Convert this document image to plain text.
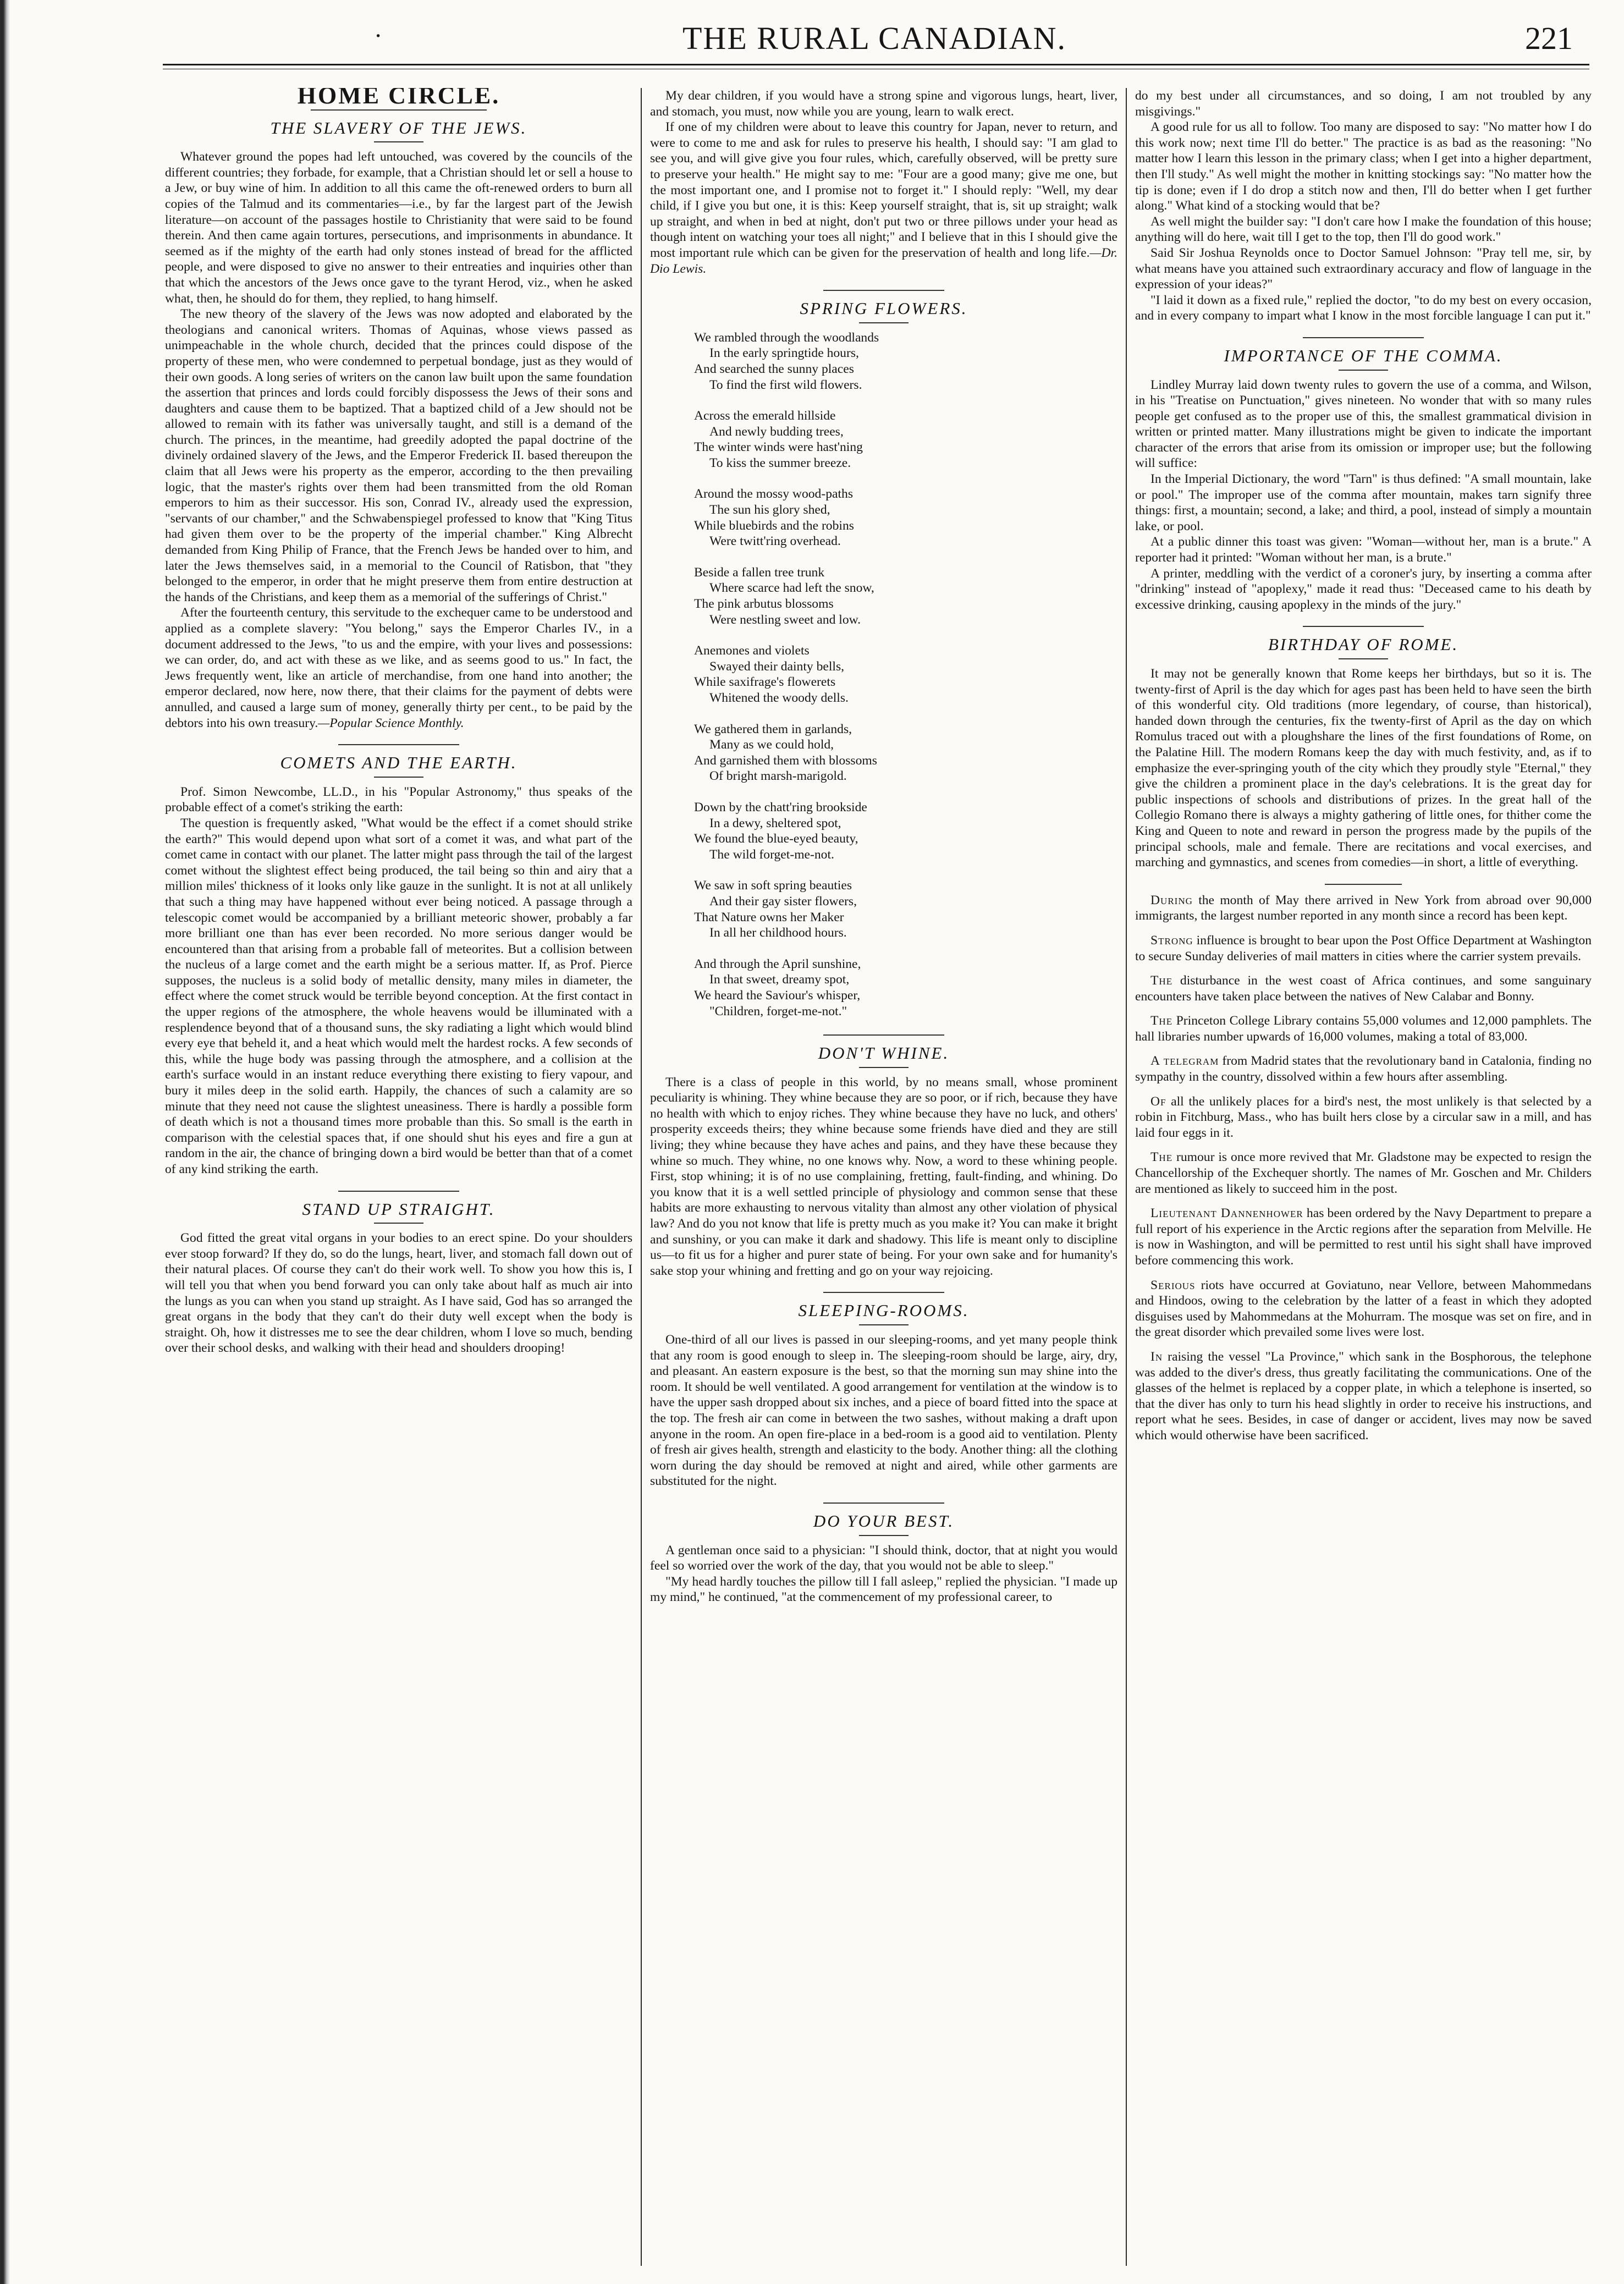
·	THE RURAL CANADIAN.	221
HOME CIRCLE.
THE SLAVERY OF THE JEWS.

Whatever ground the popes had left untouched, was covered by the councils of the different countries; they forbade, for example, that a Christian should let or sell a house to a Jew, or buy wine of him. In addition to all this came the oft-renewed orders to burn all copies of the Talmud and its commentaries—i.e., by far the largest part of the Jewish literature—on account of the passages hostile to Christianity that were said to be found therein. And then came again tortures, persecutions, and imprisonments in abundance. It seemed as if the mighty of the earth had only stones instead of bread for the afflicted people, and were disposed to give no answer to their entreaties and inquiries other than that which the ancestors of the Jews once gave to the tyrant Herod, viz., when he asked what, then, he should do for them, they replied, to hang himself.

The new theory of the slavery of the Jews was now adopted and elaborated by the theologians and canonical writers. Thomas of Aquinas, whose views passed as unimpeachable in the whole church, decided that the princes could dispose of the property of these men, who were condemned to perpetual bondage, just as they would of their own goods. A long series of writers on the canon law built upon the same foundation the assertion that princes and lords could forcibly dispossess the Jews of their sons and daughters and cause them to be baptized. That a baptized child of a Jew should not be allowed to remain with its father was universally taught, and still is a demand of the church. The princes, in the meantime, had greedily adopted the papal doctrine of the divinely ordained slavery of the Jews, and the Emperor Frederick II. based thereupon the claim that all Jews were his property as the emperor, according to the then prevailing logic, that the master's rights over them had been transmitted from the old Roman emperors to him as their successor. His son, Conrad IV., already used the expression, "servants of our chamber," and the Schwabenspiegel professed to know that "King Titus had given them over to be the property of the imperial chamber." King Albrecht demanded from King Philip of France, that the French Jews be handed over to him, and later the Jews themselves said, in a memorial to the Council of Ratisbon, that "they belonged to the emperor, in order that he might preserve them from entire destruction at the hands of the Christians, and keep them as a memorial of the sufferings of Christ."

After the fourteenth century, this servitude to the exchequer came to be understood and applied as a complete slavery: "You belong," says the Emperor Charles IV., in a document addressed to the Jews, "to us and the empire, with your lives and possessions: we can order, do, and act with these as we like, and as seems good to us." In fact, the Jews frequently went, like an article of merchandise, from one hand into another; the emperor declared, now here, now there, that their claims for the payment of debts were annulled, and caused a large sum of money, generally thirty per cent., to be paid by the debtors into his own treasury.—Popular Science Monthly.

COMETS AND THE EARTH.

Prof. Simon Newcombe, LL.D., in his "Popular Astronomy," thus speaks of the probable effect of a comet's striking the earth:

The question is frequently asked, "What would be the effect if a comet should strike the earth?" This would depend upon what sort of a comet it was, and what part of the comet came in contact with our planet. The latter might pass through the tail of the largest comet without the slightest effect being produced, the tail being so thin and airy that a million miles' thickness of it looks only like gauze in the sunlight. It is not at all unlikely that such a thing may have happened without ever being noticed. A passage through a telescopic comet would be accompanied by a brilliant meteoric shower, probably a far more brilliant one than has ever been recorded. No more serious danger would be encountered than that arising from a probable fall of meteorites. But a collision between the nucleus of a large comet and the earth might be a serious matter. If, as Prof. Pierce supposes, the nucleus is a solid body of metallic density, many miles in diameter, the effect where the comet struck would be terrible beyond conception. At the first contact in the upper regions of the atmosphere, the whole heavens would be illuminated with a resplendence beyond that of a thousand suns, the sky radiating a light which would blind every eye that beheld it, and a heat which would melt the hardest rocks. A few seconds of this, while the huge body was passing through the atmosphere, and a collision at the earth's surface would in an instant reduce everything there existing to fiery vapour, and bury it miles deep in the solid earth. Happily, the chances of such a calamity are so minute that they need not cause the slightest uneasiness. There is hardly a possible form of death which is not a thousand times more probable than this. So small is the earth in comparison with the celestial spaces that, if one should shut his eyes and fire a gun at random in the air, the chance of bringing down a bird would be better than that of a comet of any kind striking the earth.

STAND UP STRAIGHT.

God fitted the great vital organs in your bodies to an erect spine. Do your shoulders ever stoop forward? If they do, so do the lungs, heart, liver, and stomach fall down out of their natural places. Of course they can't do their work well. To show you how this is, I will tell you that when you bend forward you can only take about half as much air into the lungs as you can when you stand up straight. As I have said, God has so arranged the great organs in the body that they can't do their duty well except when the body is straight. Oh, how it distresses me to see the dear children, whom I love so much, bending over their school desks, and walking with their head and shoulders drooping!

My dear children, if you would have a strong spine and vigorous lungs, heart, liver, and stomach, you must, now while you are young, learn to walk erect.

If one of my children were about to leave this country for Japan, never to return, and were to come to me and ask for rules to preserve his health, I should say: "I am glad to see you, and will give give you four rules, which, carefully observed, will be pretty sure to preserve your health." He might say to me: "Four are a good many; give me one, but the most important one, and I promise not to forget it." I should reply: "Well, my dear child, if I give you but one, it is this: Keep yourself straight, that is, sit up straight; walk up straight, and when in bed at night, don't put two or three pillows under your head as though intent on watching your toes all night;" and I believe that in this I should give the most important rule which can be given for the preservation of health and long life.—Dr. Dio Lewis.

SPRING FLOWERS.
We rambled through the woodlands
In the early springtide hours,
And searched the sunny places
To find the first wild flowers.
Across the emerald hillside
And newly budding trees,
The winter winds were hast'ning
To kiss the summer breeze.
Around the mossy wood-paths
The sun his glory shed,
While bluebirds and the robins
Were twitt'ring overhead.
Beside a fallen tree trunk
Where scarce had left the snow,
The pink arbutus blossoms
Were nestling sweet and low.
Anemones and violets
Swayed their dainty bells,
While saxifrage's flowerets
Whitened the woody dells.
We gathered them in garlands,
Many as we could hold,
And garnished them with blossoms
Of bright marsh-marigold.
Down by the chatt'ring brookside
In a dewy, sheltered spot,
We found the blue-eyed beauty,
The wild forget-me-not.
We saw in soft spring beauties
And their gay sister flowers,
That Nature owns her Maker
In all her childhood hours.
And through the April sunshine,
In that sweet, dreamy spot,
We heard the Saviour's whisper,
"Children, forget-me-not."
DON'T WHINE.

There is a class of people in this world, by no means small, whose prominent peculiarity is whining. They whine because they are so poor, or if rich, because they have no health with which to enjoy riches. They whine because they have no luck, and others' prosperity exceeds theirs; they whine because some friends have died and they are still living; they whine because they have aches and pains, and they have these because they whine so much. They whine, no one knows why. Now, a word to these whining people. First, stop whining; it is of no use complaining, fretting, fault-finding, and whining. Do you know that it is a well settled principle of physiology and common sense that these habits are more exhausting to nervous vitality than almost any other violation of physical law? And do you not know that life is pretty much as you make it? You can make it bright and sunshiny, or you can make it dark and shadowy. This life is meant only to discipline us—to fit us for a higher and purer state of being. For your own sake and for humanity's sake stop your whining and fretting and go on your way rejoicing.

SLEEPING-ROOMS.

One-third of all our lives is passed in our sleeping-rooms, and yet many people think that any room is good enough to sleep in. The sleeping-room should be large, airy, dry, and pleasant. An eastern exposure is the best, so that the morning sun may shine into the room. It should be well ventilated. A good arrangement for ventilation at the window is to have the upper sash dropped about six inches, and a piece of board fitted into the space at the top. The fresh air can come in between the two sashes, without making a draft upon anyone in the room. An open fire-place in a bed-room is a good aid to ventilation. Plenty of fresh air gives health, strength and elasticity to the body. Another thing: all the clothing worn during the day should be removed at night and aired, while other garments are substituted for the night.

DO YOUR BEST.

A gentleman once said to a physician: "I should think, doctor, that at night you would feel so worried over the work of the day, that you would not be able to sleep."

"My head hardly touches the pillow till I fall asleep," replied the physician. "I made up my mind," he continued, "at the commencement of my professional career, to

do my best under all circumstances, and so doing, I am not troubled by any misgivings."

A good rule for us all to follow. Too many are disposed to say: "No matter how I do this work now; next time I'll do better." The practice is as bad as the reasoning: "No matter how I learn this lesson in the primary class; when I get into a higher department, then I'll study." As well might the mother in knitting stockings say: "No matter how the tip is done; even if I do drop a stitch now and then, I'll do better when I get further along." What kind of a stocking would that be?

As well might the builder say: "I don't care how I make the foundation of this house; anything will do here, wait till I get to the top, then I'll do good work."

Said Sir Joshua Reynolds once to Doctor Samuel Johnson: "Pray tell me, sir, by what means have you attained such extraordinary accuracy and flow of language in the expression of your ideas?"

"I laid it down as a fixed rule," replied the doctor, "to do my best on every occasion, and in every company to impart what I know in the most forcible language I can put it."

IMPORTANCE OF THE COMMA.

Lindley Murray laid down twenty rules to govern the use of a comma, and Wilson, in his "Treatise on Punctuation," gives nineteen. No wonder that with so many rules people get confused as to the proper use of this, the smallest grammatical division in written or printed matter. Many illustrations might be given to indicate the important character of the errors that arise from its omission or improper use; but the following will suffice:

In the Imperial Dictionary, the word "Tarn" is thus defined: "A small mountain, lake or pool." The improper use of the comma after mountain, makes tarn signify three things: first, a mountain; second, a lake; and third, a pool, instead of simply a mountain lake, or pool.

At a public dinner this toast was given: "Woman—without her, man is a brute." A reporter had it printed: "Woman without her man, is a brute."

A printer, meddling with the verdict of a coroner's jury, by inserting a comma after "drinking" instead of "apoplexy," made it read thus: "Deceased came to his death by excessive drinking, causing apoplexy in the minds of the jury."

BIRTHDAY OF ROME.

It may not be generally known that Rome keeps her birthdays, but so it is. The twenty-first of April is the day which for ages past has been held to have seen the birth of this wonderful city. Old traditions (more legendary, of course, than historical), handed down through the centuries, fix the twenty-first of April as the day on which Romulus traced out with a ploughshare the lines of the first foundations of Rome, on the Palatine Hill. The modern Romans keep the day with much festivity, and, as if to emphasize the ever-springing youth of the city which they proudly style "Eternal," they give the children a prominent place in the day's celebrations. It is the great day for public inspections of schools and distributions of prizes. In the great hall of the Collegio Romano there is always a mighty gathering of little ones, for thither come the King and Queen to note and reward in person the progress made by the pupils of the principal schools, male and female. There are recitations and vocal exercises, and marching and gymnastics, and scenes from comedies—in short, a little of everything.

During the month of May there arrived in New York from abroad over 90,000 immigrants, the largest number reported in any month since a record has been kept.

Strong influence is brought to bear upon the Post Office Department at Washington to secure Sunday deliveries of mail matters in cities where the carrier system prevails.

The disturbance in the west coast of Africa continues, and some sanguinary encounters have taken place between the natives of New Calabar and Bonny.

The Princeton College Library contains 55,000 volumes and 12,000 pamphlets. The hall libraries number upwards of 16,000 volumes, making a total of 83,000.

A telegram from Madrid states that the revolutionary band in Catalonia, finding no sympathy in the country, dissolved within a few hours after assembling.

Of all the unlikely places for a bird's nest, the most unlikely is that selected by a robin in Fitchburg, Mass., who has built hers close by a circular saw in a mill, and has laid four eggs in it.

The rumour is once more revived that Mr. Gladstone may be expected to resign the Chancellorship of the Exchequer shortly. The names of Mr. Goschen and Mr. Childers are mentioned as likely to succeed him in the post.

Lieutenant Dannenhower has been ordered by the Navy Department to prepare a full report of his experience in the Arctic regions after the separation from Melville. He is now in Washington, and will be permitted to rest until his sight shall have improved before commencing this work.

Serious riots have occurred at Goviatuno, near Vellore, between Mahommedans and Hindoos, owing to the celebration by the latter of a feast in which they adopted disguises used by Mahommedans at the Mohurram. The mosque was set on fire, and in the great disorder which prevailed some lives were lost.

In raising the vessel "La Province," which sank in the Bosphorous, the telephone was added to the diver's dress, thus greatly facilitating the communications. One of the glasses of the helmet is replaced by a copper plate, in which a telephone is inserted, so that the diver has only to turn his head slightly in order to receive his instructions, and report what he sees. Besides, in case of danger or accident, lives may now be saved which would otherwise have been sacrificed.
